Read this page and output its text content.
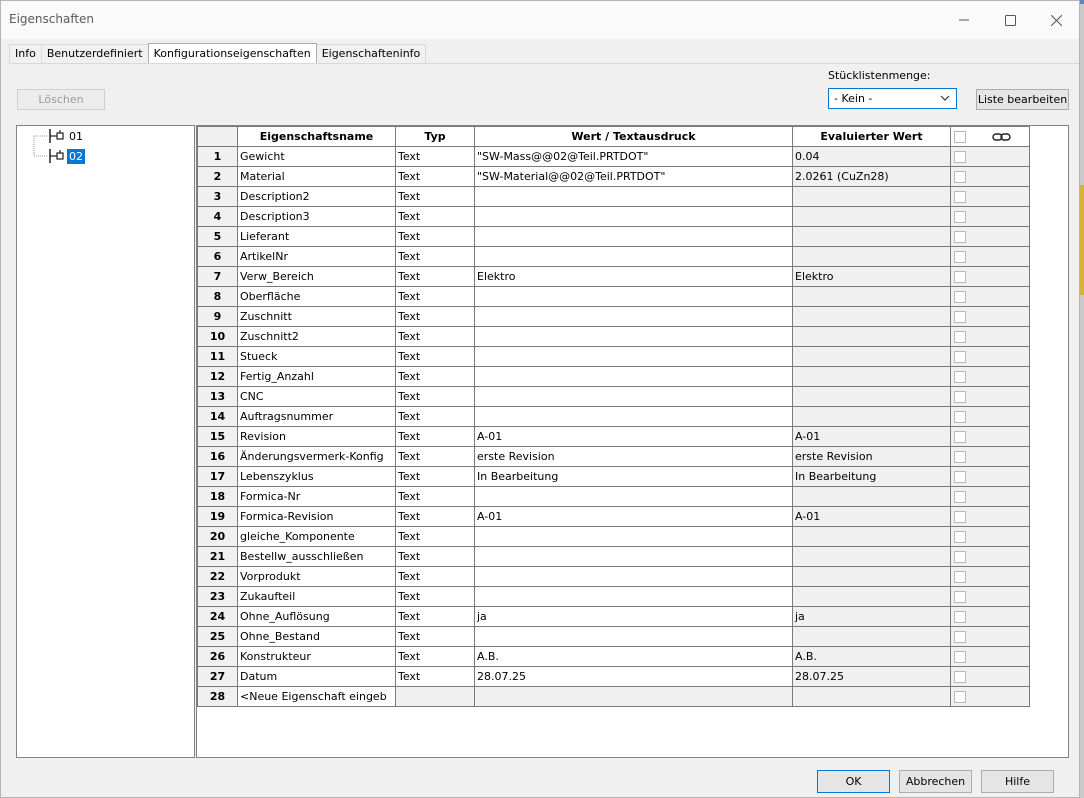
Eigenschaften
Info	Benutzerdefiniert	Konfigurationseigenschaften	Eigenschafteninfo
Löschen
Stücklistenmenge:
- Kein -	Liste bearbeiten
01
02
	Eigenschaftsname	Typ	Wert / Textausdruck	Evaluierter Wert	
1	Gewicht	Text	"SW-Mass@@02@Teil.PRTDOT"	0.04	
2	Material	Text	"SW-Material@@02@Teil.PRTDOT"	2.0261 (CuZn28)	
3	Description2	Text			
4	Description3	Text			
5	Lieferant	Text			
6	ArtikelNr	Text			
7	Verw_Bereich	Text	Elektro	Elektro	
8	Oberfläche	Text			
9	Zuschnitt	Text			
10	Zuschnitt2	Text			
11	Stueck	Text			
12	Fertig_Anzahl	Text			
13	CNC	Text			
14	Auftragsnummer	Text			
15	Revision	Text	A-01	A-01	
16	Änderungsvermerk-Konfig	Text	erste Revision	erste Revision	
17	Lebenszyklus	Text	In Bearbeitung	In Bearbeitung	
18	Formica-Nr	Text			
19	Formica-Revision	Text	A-01	A-01	
20	gleiche_Komponente	Text			
21	Bestellw_ausschließen	Text			
22	Vorprodukt	Text			
23	Zukaufteil	Text			
24	Ohne_Auflösung	Text	ja	ja	
25	Ohne_Bestand	Text			
26	Konstrukteur	Text	A.B.	A.B.	
27	Datum	Text	28.07.25	28.07.25	
28	<Neue Eigenschaft eingeb				
OK	Abbrechen	Hilfe
